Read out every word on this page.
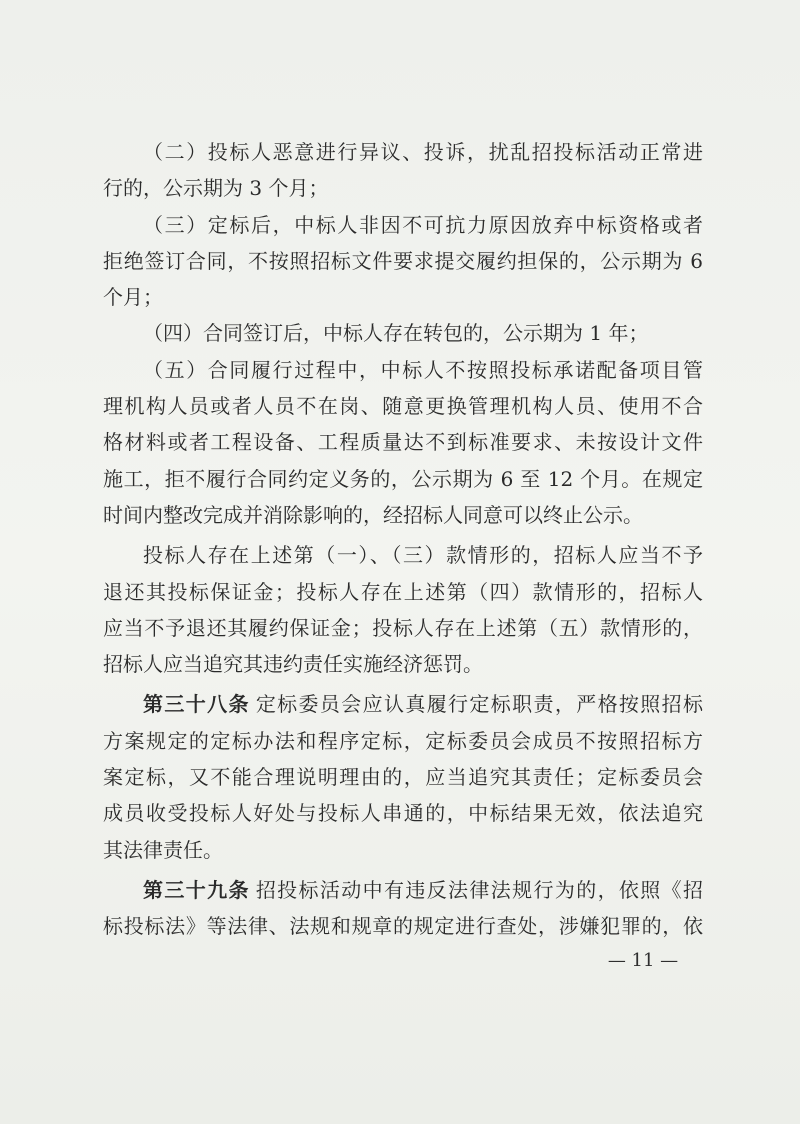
（二）投标人恶意进行异议、投诉，扰乱招投标活动正常进
行的，公示期为 3 个月；
（三）定标后，中标人非因不可抗力原因放弃中标资格或者
拒绝签订合同，不按照招标文件要求提交履约担保的，公示期为 6
个月；
（四）合同签订后，中标人存在转包的，公示期为 1 年；
（五）合同履行过程中，中标人不按照投标承诺配备项目管
理机构人员或者人员不在岗、随意更换管理机构人员、使用不合
格材料或者工程设备、工程质量达不到标准要求、未按设计文件
施工，拒不履行合同约定义务的，公示期为 6 至 12 个月。在规定
时间内整改完成并消除影响的，经招标人同意可以终止公示。
投标人存在上述第（一）、（三）款情形的，招标人应当不予
退还其投标保证金；投标人存在上述第（四）款情形的，招标人
应当不予退还其履约保证金；投标人存在上述第（五）款情形的，
招标人应当追究其违约责任实施经济惩罚。
第三十八条 定标委员会应认真履行定标职责，严格按照招标
方案规定的定标办法和程序定标，定标委员会成员不按照招标方
案定标，又不能合理说明理由的，应当追究其责任；定标委员会
成员收受投标人好处与投标人串通的，中标结果无效，依法追究
其法律责任。
第三十九条 招投标活动中有违反法律法规行为的，依照《招
标投标法》等法律、法规和规章的规定进行查处，涉嫌犯罪的，依
— 11 —
